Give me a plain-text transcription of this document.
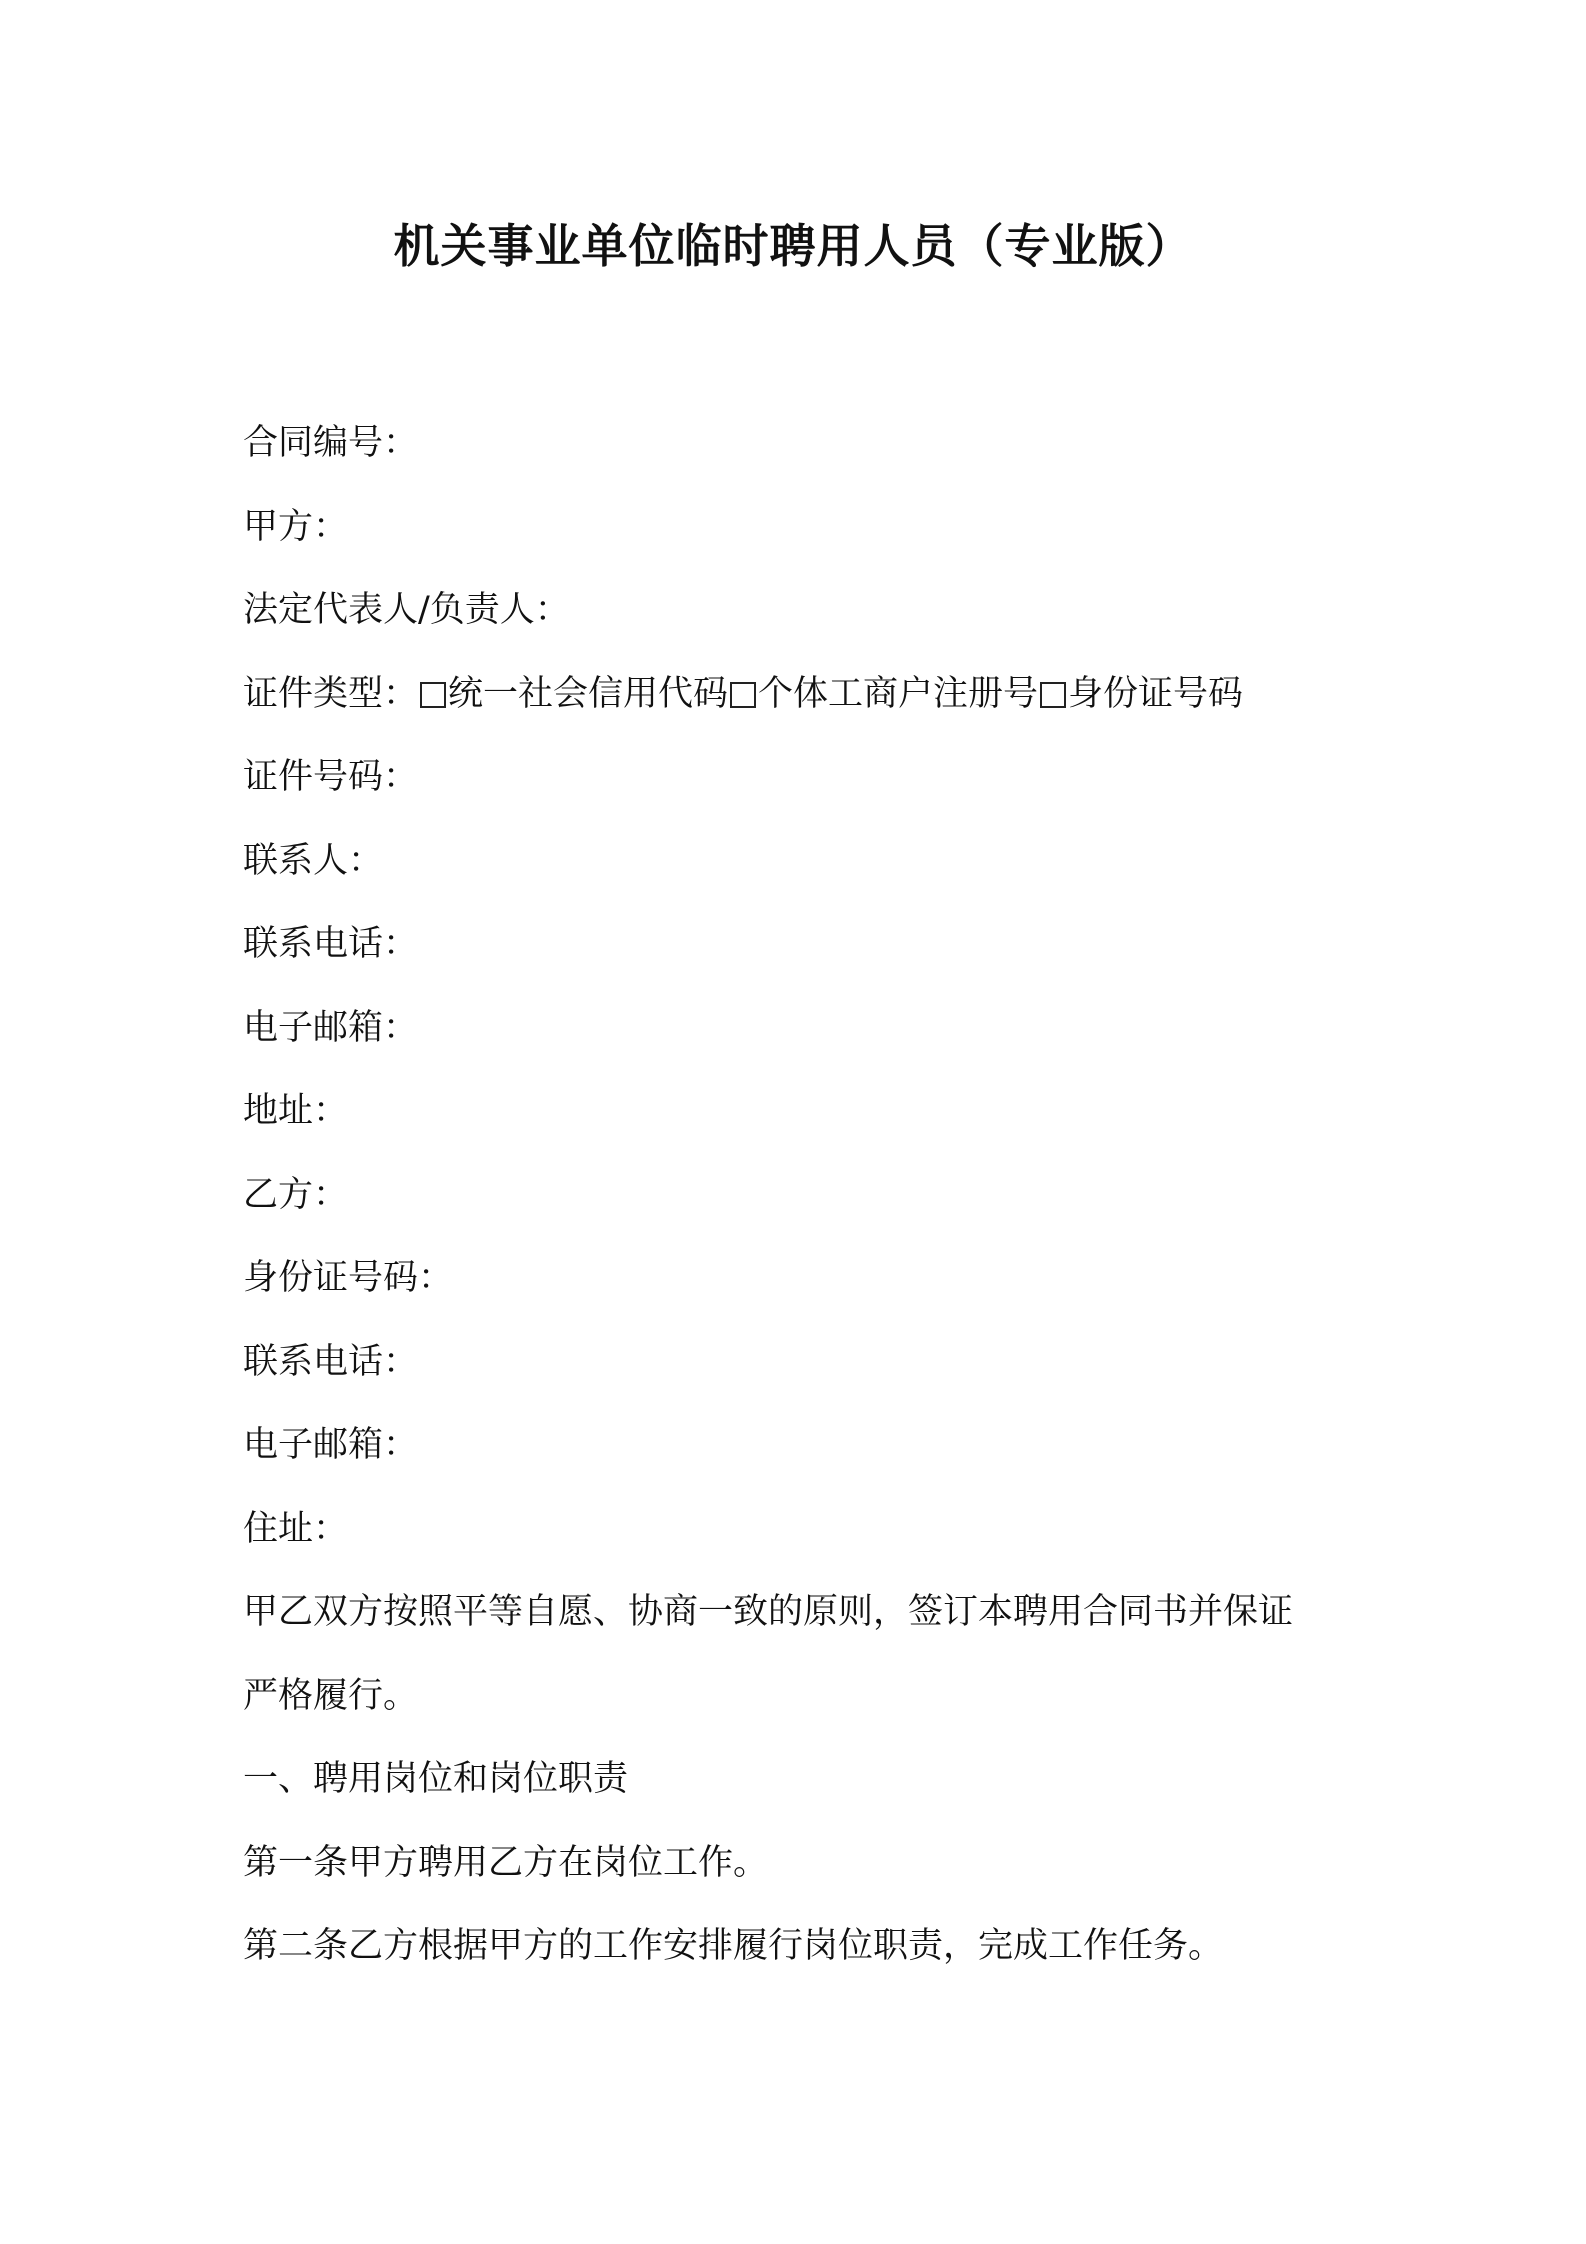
机关事业单位临时聘用人员（专业版）

合同编号：

甲方：

法定代表人/负责人：

证件类型： 统一社会信用代码 个体工商户注册号 身份证号码

证件号码：

联系人：

联系电话：

电子邮箱：

地址：

乙方：

身份证号码：

联系电话：

电子邮箱：

住址：

甲乙双方按照平等自愿、协商一致的原则，签订本聘用合同书并保证

严格履行。

一、聘用岗位和岗位职责

第一条甲方聘用乙方在岗位工作。

第二条乙方根据甲方的工作安排履行岗位职责，完成工作任务。
